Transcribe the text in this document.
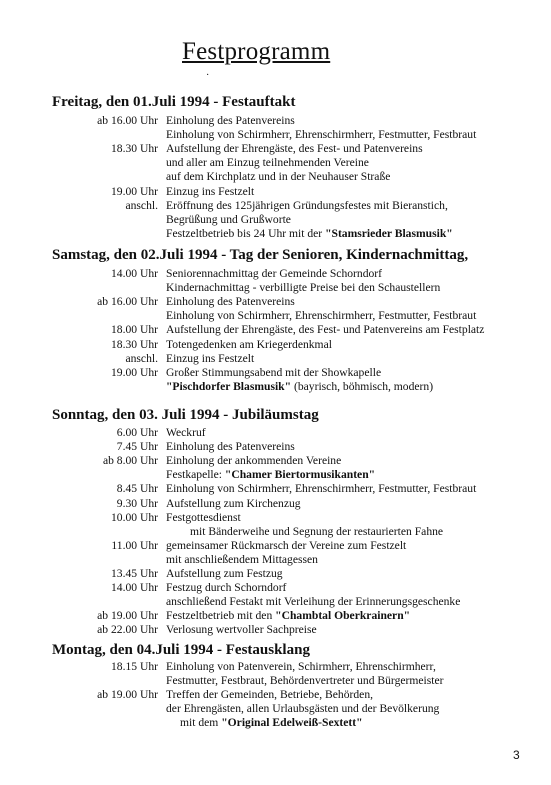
Festprogramm
·
Freitag, den 01.Juli 1994 - Festauftakt
ab 16.00 Uhr Einholung des Patenvereins
Einholung von Schirmherr, Ehrenschirmherr, Festmutter, Festbraut
18.30 Uhr Aufstellung der Ehrengäste, des Fest- und Patenvereins
und aller am Einzug teilnehmenden Vereine
auf dem Kirchplatz und in der Neuhauser Straße
19.00 Uhr Einzug ins Festzelt
anschl. Eröffnung des 125jährigen Gründungsfestes mit Bieranstich,
Begrüßung und Grußworte
Festzeltbetrieb bis 24 Uhr mit der "Stamsrieder Blasmusik"
Samstag, den 02.Juli 1994 - Tag der Senioren, Kindernachmittag,
14.00 Uhr Seniorennachmittag der Gemeinde Schorndorf
Kindernachmittag - verbilligte Preise bei den Schaustellern
ab 16.00 Uhr Einholung des Patenvereins
Einholung von Schirmherr, Ehrenschirmherr, Festmutter, Festbraut
18.00 Uhr Aufstellung der Ehrengäste, des Fest- und Patenvereins am Festplatz
18.30 Uhr Totengedenken am Kriegerdenkmal
anschl. Einzug ins Festzelt
19.00 Uhr Großer Stimmungsabend mit der Showkapelle
"Pischdorfer Blasmusik" (bayrisch, böhmisch, modern)
Sonntag, den 03. Juli 1994 - Jubiläumstag
6.00 Uhr Weckruf
7.45 Uhr Einholung des Patenvereins
ab 8.00 Uhr Einholung der ankommenden Vereine
Festkapelle: "Chamer Biertormusikanten"
8.45 Uhr Einholung von Schirmherr, Ehrenschirmherr, Festmutter, Festbraut
9.30 Uhr Aufstellung zum Kirchenzug
10.00 Uhr Festgottesdienst
mit Bänderweihe und Segnung der restaurierten Fahne
11.00 Uhr gemeinsamer Rückmarsch der Vereine zum Festzelt
mit anschließendem Mittagessen
13.45 Uhr Aufstellung zum Festzug
14.00 Uhr Festzug durch Schorndorf
anschließend Festakt mit Verleihung der Erinnerungsgeschenke
ab 19.00 Uhr Festzeltbetrieb mit den "Chambtal Oberkrainern"
ab 22.00 Uhr Verlosung wertvoller Sachpreise
Montag, den 04.Juli 1994 - Festausklang
18.15 Uhr Einholung von Patenverein, Schirmherr, Ehrenschirmherr,
Festmutter, Festbraut, Behördenvertreter und Bürgermeister
ab 19.00 Uhr Treffen der Gemeinden, Betriebe, Behörden,
der Ehrengästen, allen Urlaubsgästen und der Bevölkerung
mit dem "Original Edelweiß-Sextett"
3
